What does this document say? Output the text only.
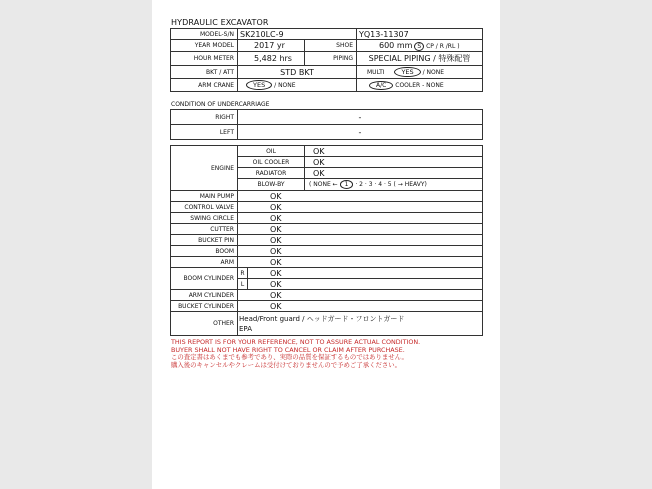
HYDRAULIC EXCAVATOR
MODEL-S/N	SK210LC-9		YQ13-11307
YEAR MODEL	2017 yr	SHOE	600 mm S CP / R /RL )
HOUR METER	5,482 hrs	PIPING	SPECIAL PIPING / 特殊配管
BKT / ATT	STD BKT		MULTI YES / NONE
ARM CRANE	YES / NONE		A/C COOLER - NONE
CONDITION OF UNDERCARRIAGE
RIGHT	-
LEFT	-
ENGINE	OIL		OK
	OIL COOLER		OK
	RADIATOR		OK
	BLOW-BY		( NONE ← 1 · 2 · 3 · 4 · 5 ( → HEAVY)
MAIN PUMP	OK		
CONTROL VALVE	OK		
SWING CIRCLE	OK		
CUTTER	OK		
BUCKET PIN	OK		
BOOM	OK		
ARM	OK		
BOOM CYLINDER	R	OK	
	L	OK	
ARM CYLINDER	OK		
BUCKET CYLINDER	OK		
OTHER	Head/Front guard / ヘッドガード・フロントガード
EPA		
THIS REPORT IS FOR YOUR REFERENCE, NOT TO ASSURE ACTUAL CONDITION.
BUYER SHALL NOT HAVE RIGHT TO CANCEL OR CLAIM AFTER PURCHASE.
この査定書はあくまでも参考であり、実際の品質を保証するものではありません。
購入後のキャンセルやクレームは受付けておりませんので予めご了承ください。
